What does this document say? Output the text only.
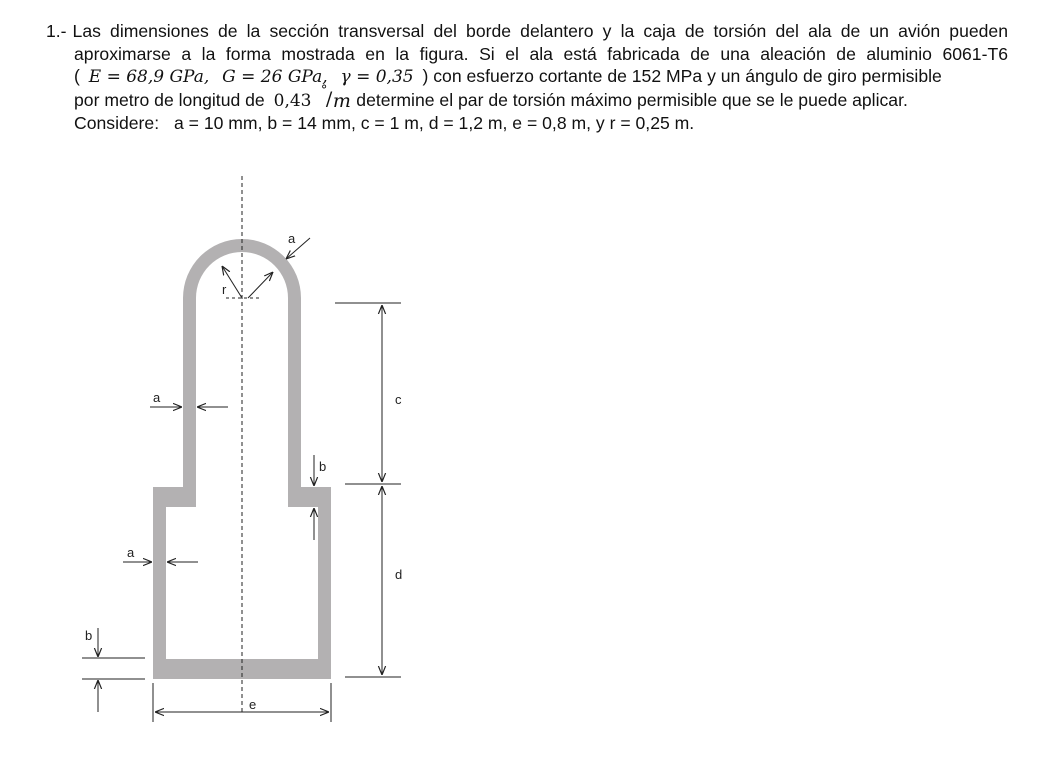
1.- Las dimensiones de la sección transversal del borde delantero y la caja de torsión del ala de un avión pueden
aproximarse a la forma mostrada en la figura. Si el ala está fabricada de una aleación de aluminio 6061-T6
( E = 68,9 GPa, G = 26 GPa, γ = 0,35 ) con esfuerzo cortante de 152 MPa y un ángulo de giro permisible
por metro de longitud de 0,43
°
/ m determine el par de torsión máximo permisible que se le puede aplicar.
Considere: a = 10 mm, b = 14 mm, c = 1 m, d = 1,2 m, e = 0,8 m, y r = 0,25 m.
r
a
a
a
b
b
c
d
e
